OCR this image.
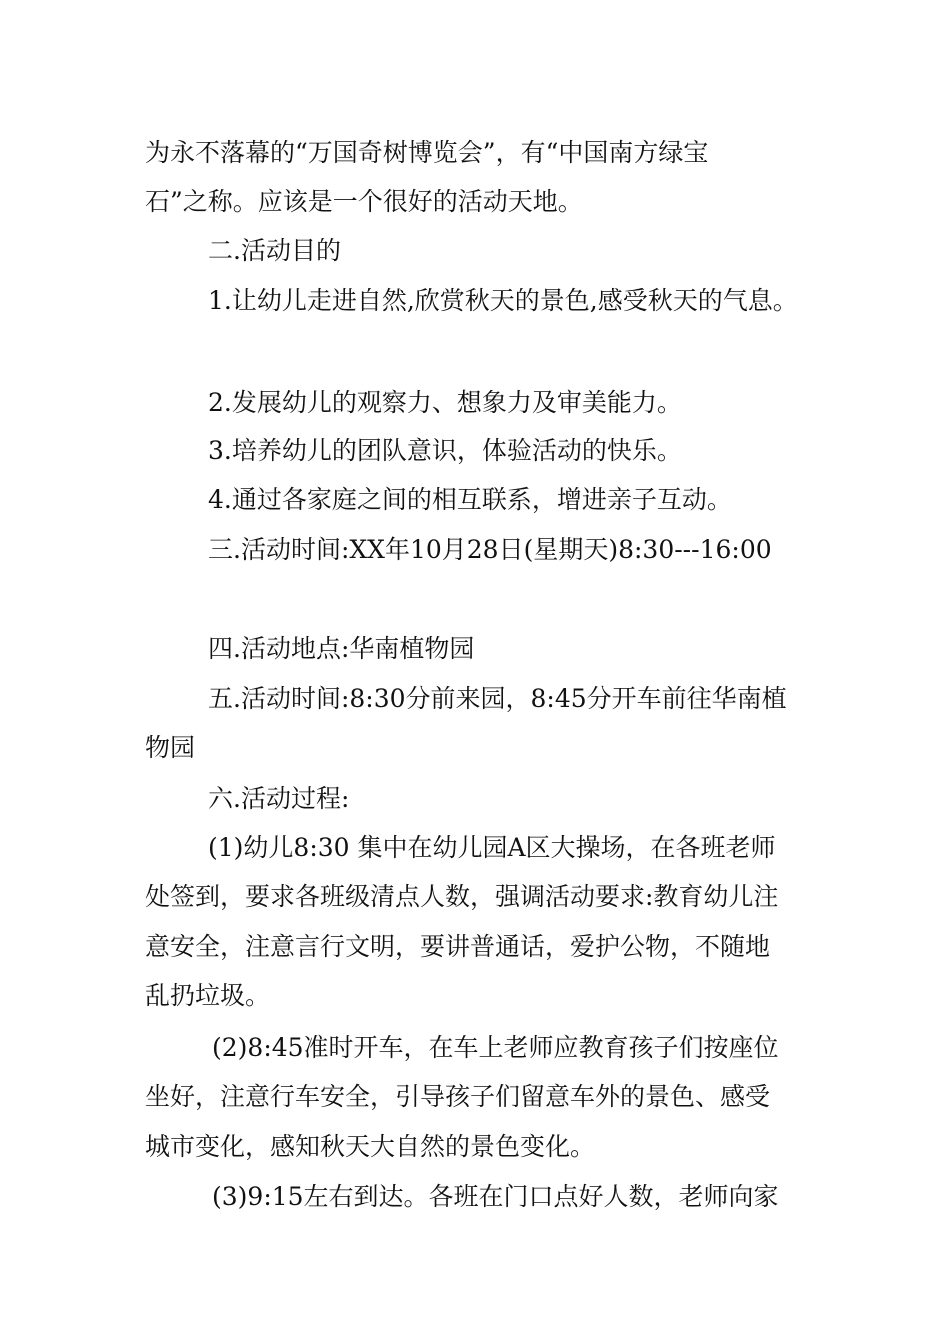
为永不落幕的“万国奇树博览会”，有“中国南方绿宝
石”之称。应该是一个很好的活动天地。
二.活动目的
1.让幼儿走进自然,欣赏秋天的景色,感受秋天的气息。
2.发展幼儿的观察力、想象力及审美能力。
3.培养幼儿的团队意识，体验活动的快乐。
4.通过各家庭之间的相互联系，增进亲子互动。
三.活动时间:XX年10月28日(星期天)8:30---16:00
四.活动地点:华南植物园
五.活动时间:8:30分前来园，8:45分开车前往华南植
物园
六.活动过程:
(1)幼儿8:30 集中在幼儿园A区大操场，在各班老师
处签到，要求各班级清点人数，强调活动要求:教育幼儿注
意安全，注意言行文明，要讲普通话，爱护公物，不随地
乱扔垃圾。
(2)8:45准时开车，在车上老师应教育孩子们按座位
坐好，注意行车安全，引导孩子们留意车外的景色、感受
城市变化，感知秋天大自然的景色变化。
(3)9:15左右到达。各班在门口点好人数，老师向家
